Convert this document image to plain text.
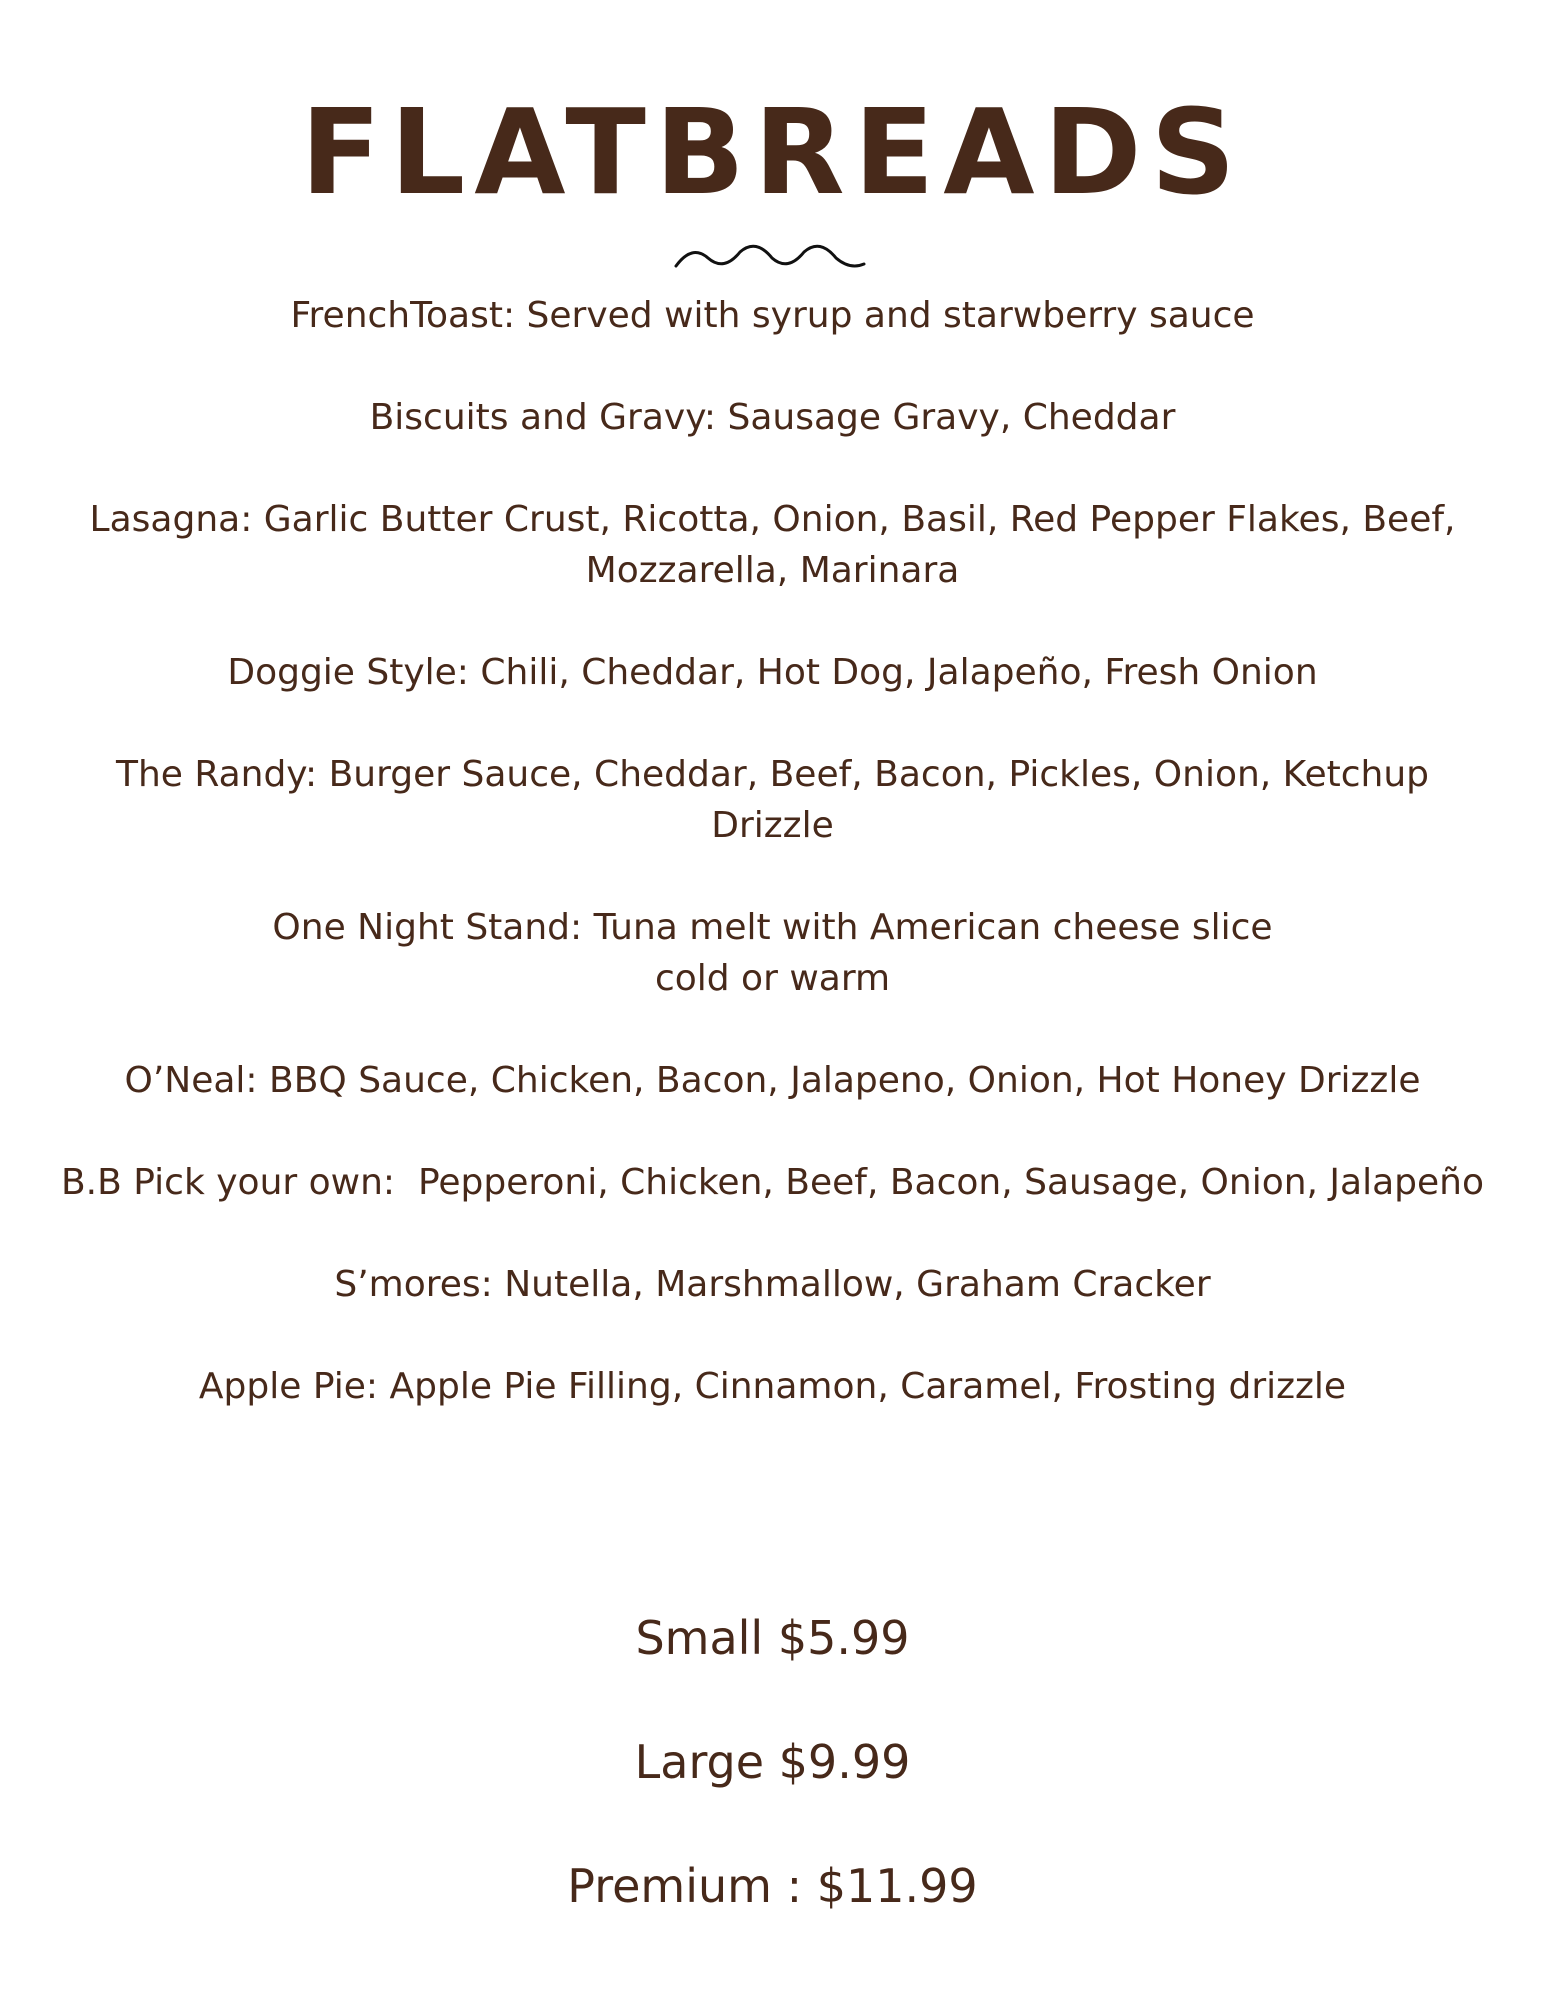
FLATBREADS
FrenchToast: Served with syrup and starwberry sauce
Biscuits and Gravy: Sausage Gravy, Cheddar
Lasagna: Garlic Butter Crust, Ricotta, Onion, Basil, Red Pepper Flakes, Beef, Mozzarella, Marinara
Doggie Style: Chili, Cheddar, Hot Dog, Jalapeño, Fresh Onion
The Randy: Burger Sauce, Cheddar, Beef, Bacon, Pickles, Onion, Ketchup Drizzle
One Night Stand: Tuna melt with American cheese slice
cold or warm
O’Neal: BBQ Sauce, Chicken, Bacon, Jalapeno, Onion, Hot Honey Drizzle
B.B Pick your own:  Pepperoni, Chicken, Beef, Bacon, Sausage, Onion, Jalapeño
S’mores: Nutella, Marshmallow, Graham Cracker
Apple Pie: Apple Pie Filling, Cinnamon, Caramel, Frosting drizzle
Small $5.99
Large $9.99
Premium : $11.99
